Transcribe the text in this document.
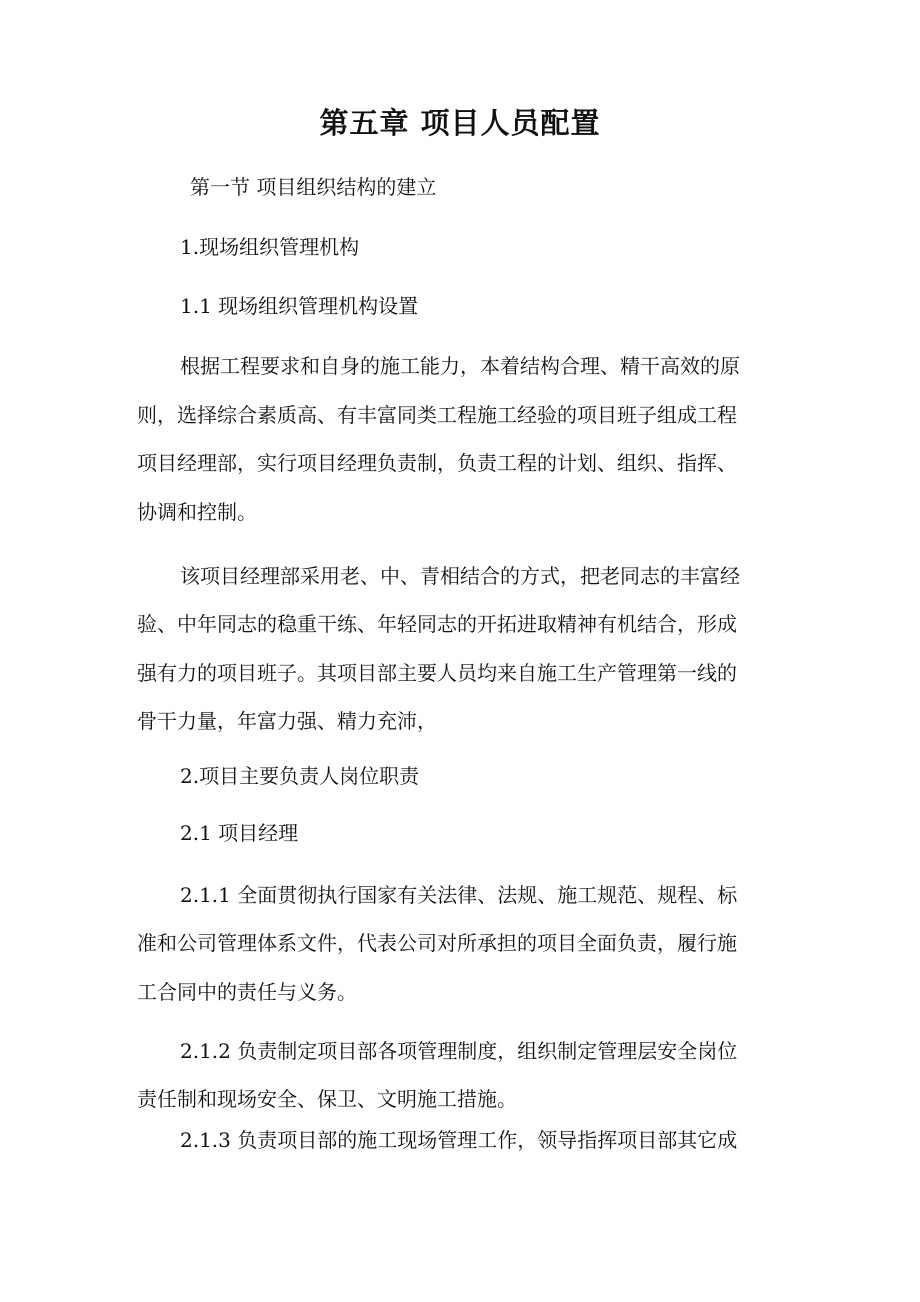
第五章 项目人员配置
第一节 项目组织结构的建立
1.现场组织管理机构
1.1 现场组织管理机构设置
根据工程要求和自身的施工能力，本着结构合理、精干高效的原
则，选择综合素质高、有丰富同类工程施工经验的项目班子组成工程
项目经理部，实行项目经理负责制，负责工程的计划、组织、指挥、
协调和控制。
该项目经理部采用老、中、青相结合的方式，把老同志的丰富经
验、中年同志的稳重干练、年轻同志的开拓进取精神有机结合，形成
强有力的项目班子。其项目部主要人员均来自施工生产管理第一线的
骨干力量，年富力强、精力充沛，
2.项目主要负责人岗位职责
2.1 项目经理
2.1.1 全面贯彻执行国家有关法律、法规、施工规范、规程、标
准和公司管理体系文件，代表公司对所承担的项目全面负责，履行施
工合同中的责任与义务。
2.1.2 负责制定项目部各项管理制度，组织制定管理层安全岗位
责任制和现场安全、保卫、文明施工措施。
2.1.3 负责项目部的施工现场管理工作，领导指挥项目部其它成
